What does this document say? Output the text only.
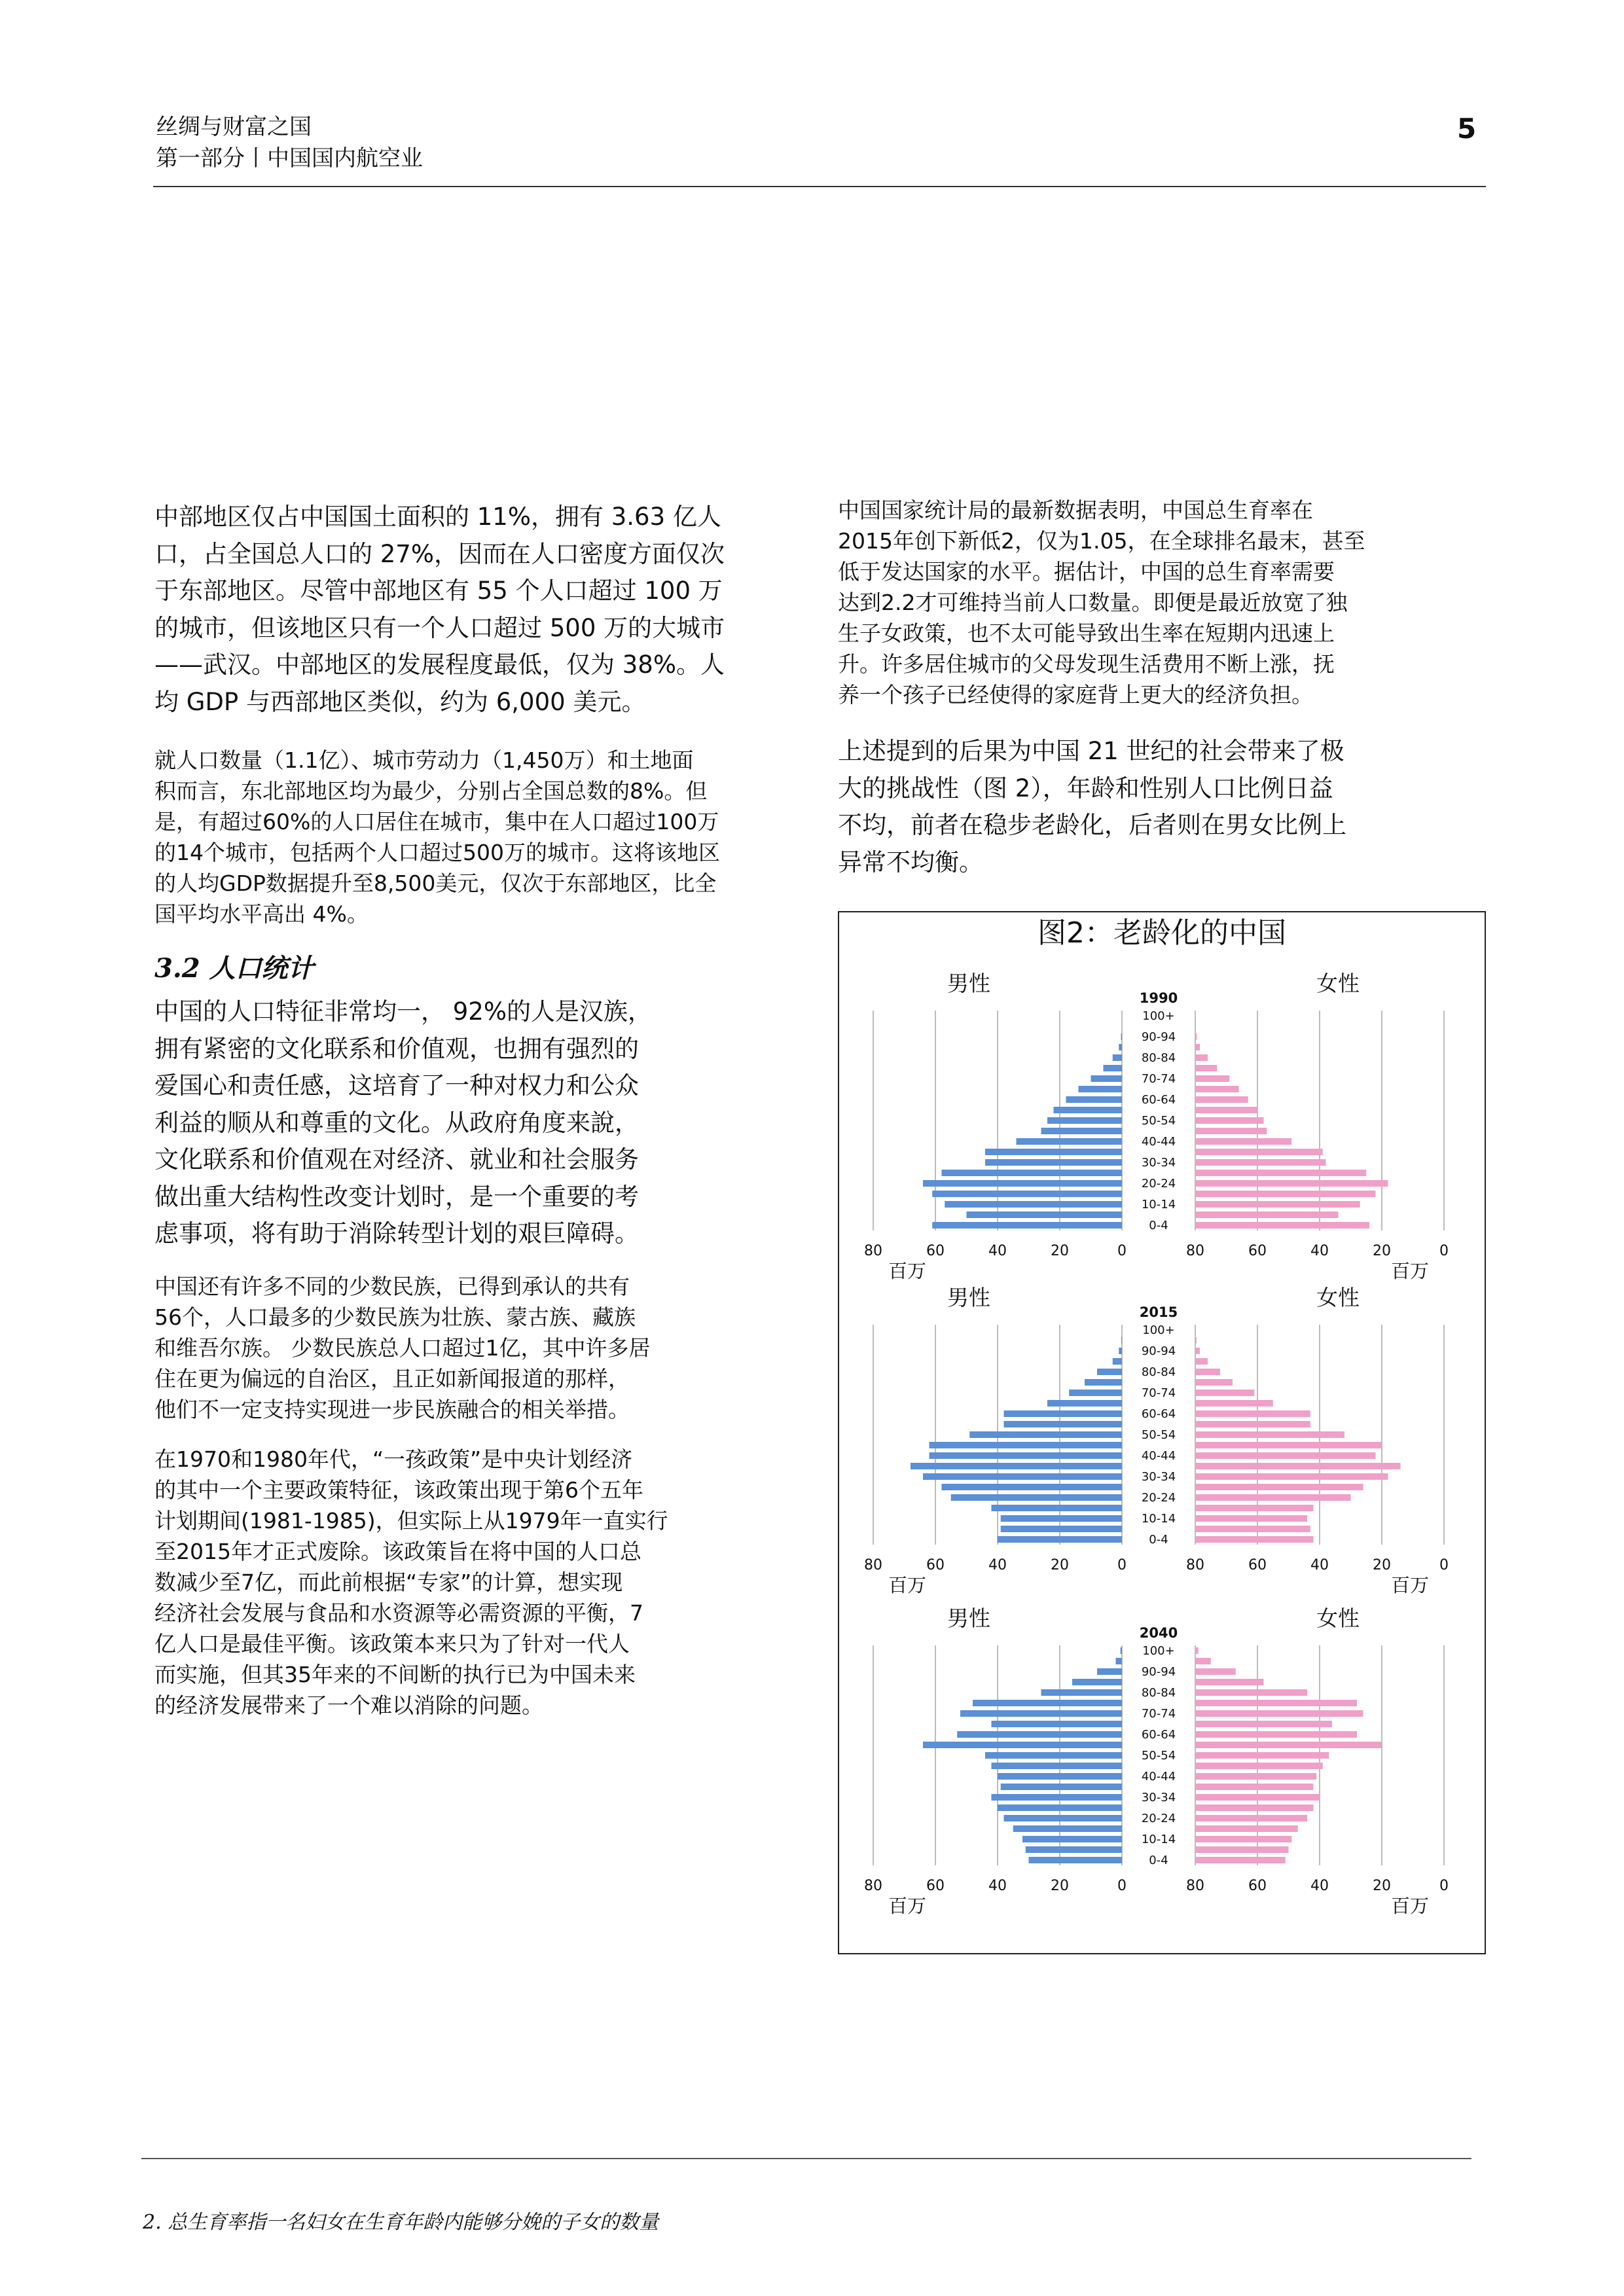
丝绸与财富之国
第一部分丨中国国内航空业
5
中部地区仅占中国国土面积的 11%，拥有 3.63 亿人
口，占全国总人口的 27%，因而在人口密度方面仅次
于东部地区。尽管中部地区有 55 个人口超过 100 万
的城市，但该地区只有一个人口超过 500 万的大城市
——武汉。中部地区的发展程度最低，仅为 38%。人
均 GDP 与西部地区类似，约为 6,000 美元。
就人口数量（1.1亿）、城市劳动力（1,450万）和土地面
积而言，东北部地区均为最少，分别占全国总数的8%。但
是，有超过60%的人口居住在城市，集中在人口超过100万
的14个城市，包括两个人口超过500万的城市。这将该地区
的人均GDP数据提升至8,500美元，仅次于东部地区，比全
国平均水平高出 4%。
3.2 人口统计
中国的人口特征非常均一， 92%的人是汉族，
拥有紧密的文化联系和价值观，也拥有强烈的
爱国心和责任感，这培育了一种对权力和公众
利益的顺从和尊重的文化。从政府角度来說，
文化联系和价值观在对经济、就业和社会服务
做出重大结构性改变计划时，是一个重要的考
虑事项，将有助于消除转型计划的艰巨障碍。
中国还有许多不同的少数民族，已得到承认的共有
56个，人口最多的少数民族为壮族、蒙古族、藏族
和维吾尔族。 少数民族总人口超过1亿，其中许多居
住在更为偏远的自治区，且正如新闻报道的那样，
他们不一定支持实现进一步民族融合的相关举措。
在1970和1980年代，“一孩政策”是中央计划经济
的其中一个主要政策特征，该政策出现于第6个五年
计划期间(1981-1985)，但实际上从1979年一直实行
至2015年才正式废除。该政策旨在将中国的人口总
数减少至7亿，而此前根据“专家”的计算，想实现
经济社会发展与食品和水资源等必需资源的平衡，7
亿人口是最佳平衡。该政策本来只为了针对一代人
而实施，但其35年来的不间断的执行已为中国未来
的经济发展带来了一个难以消除的问题。
中国国家统计局的最新数据表明，中国总生育率在
2015年创下新低2，仅为1.05，在全球排名最末，甚至
低于发达国家的水平。据估计，中国的总生育率需要
达到2.2才可维持当前人口数量。即便是最近放宽了独
生子女政策，也不太可能导致出生率在短期内迅速上
升。许多居住城市的父母发现生活费用不断上涨，抚
养一个孩子已经使得的家庭背上更大的经济负担。
上述提到的后果为中国 21 世纪的社会带来了极
大的挑战性（图 2），年龄和性别人口比例日益
不均，前者在稳步老龄化，后者则在男女比例上
异常不均衡。
图2：老龄化的中国
男性	女性
1990
80	0
60	20
40	40
20	60
0	80
百万	百万
100+
90-94
80-84
70-74
60-64
50-54
40-44
30-34
20-24
10-14
0-4
男性	女性
2015
80	0
60	20
40	40
20	60
0	80
百万	百万
100+
90-94
80-84
70-74
60-64
50-54
40-44
30-34
20-24
10-14
0-4
男性	女性
2040
80	0
60	20
40	40
20	60
0	80
百万	百万
100+
90-94
80-84
70-74
60-64
50-54
40-44
30-34
20-24
10-14
0-4
2. 总生育率指一名妇女在生育年龄内能够分娩的子女的数量
